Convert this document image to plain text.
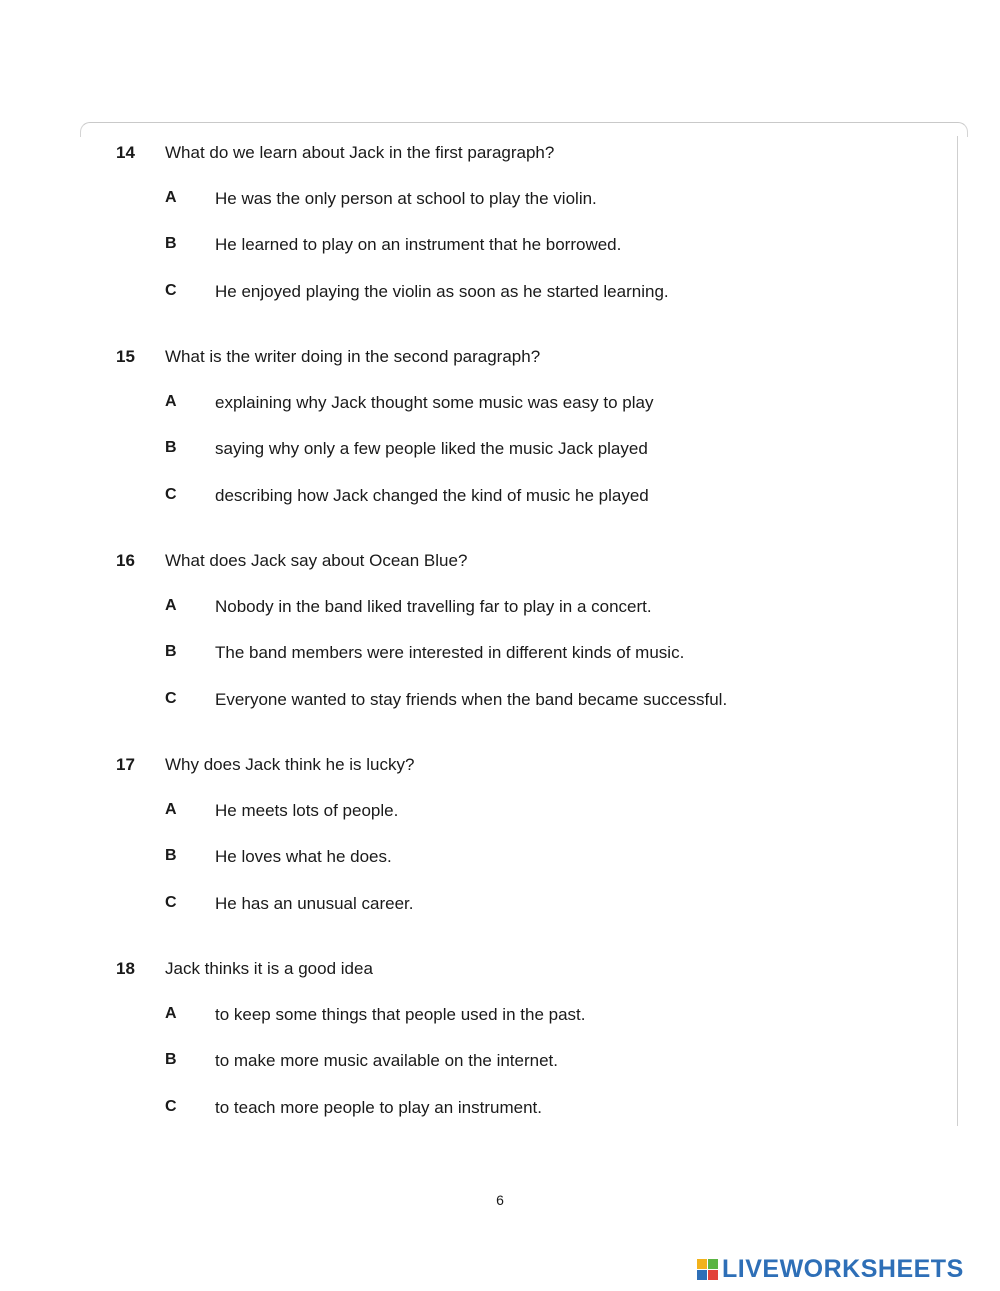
14 What do we learn about Jack in the first paragraph?
A He was the only person at school to play the violin.
B He learned to play on an instrument that he borrowed.
C He enjoyed playing the violin as soon as he started learning.
15 What is the writer doing in the second paragraph?
A explaining why Jack thought some music was easy to play
B saying why only a few people liked the music Jack played
C describing how Jack changed the kind of music he played
16 What does Jack say about Ocean Blue?
A Nobody in the band liked travelling far to play in a concert.
B The band members were interested in different kinds of music.
C Everyone wanted to stay friends when the band became successful.
17 Why does Jack think he is lucky?
A He meets lots of people.
B He loves what he does.
C He has an unusual career.
18 Jack thinks it is a good idea
A to keep some things that people used in the past.
B to make more music available on the internet.
C to teach more people to play an instrument.
6
LIVEWORKSHEETS
